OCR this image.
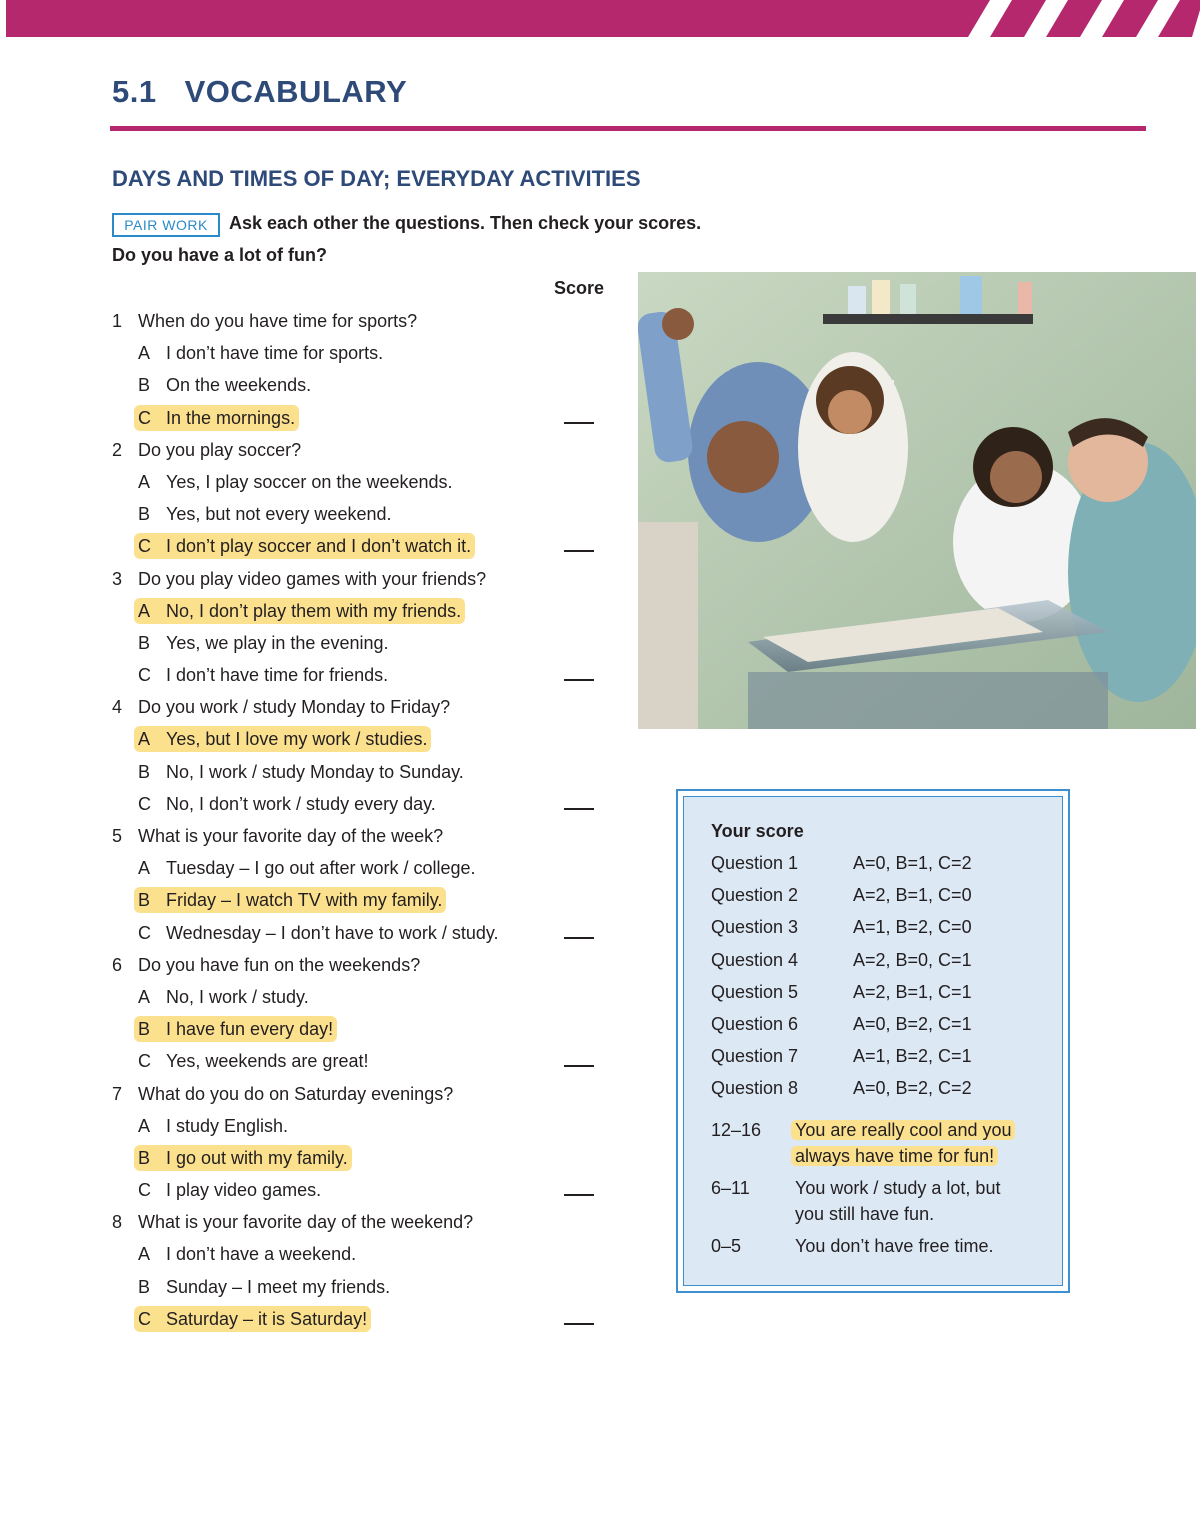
5.1 VOCABULARY
DAYS AND TIMES OF DAY; EVERYDAY ACTIVITIES
PAIR WORK	Ask each other the questions. Then check your scores.
Do you have a lot of fun?
Score
1 When do you have time for sports?
A I don’t have time for sports.
B On the weekends.
C In the mornings.
2 Do you play soccer?
A Yes, I play soccer on the weekends.
B Yes, but not every weekend.
C I don’t play soccer and I don’t watch it.
3 Do you play video games with your friends?
A No, I don’t play them with my friends.
B Yes, we play in the evening.
C I don’t have time for friends.
4 Do you work / study Monday to Friday?
A Yes, but I love my work / studies.
B No, I work / study Monday to Sunday.
C No, I don’t work / study every day.
5 What is your favorite day of the week?
A Tuesday – I go out after work / college.
B Friday – I watch TV with my family.
C Wednesday – I don’t have to work / study.
6 Do you have fun on the weekends?
A No, I work / study.
B I have fun every day!
C Yes, weekends are great!
7 What do you do on Saturday evenings?
A I study English.
B I go out with my family.
C I play video games.
8 What is your favorite day of the weekend?
A I don’t have a weekend.
B Sunday – I meet my friends.
C Saturday – it is Saturday!
Your score
Question 1	A=0, B=1, C=2
Question 2	A=2, B=1, C=0
Question 3	A=1, B=2, C=0
Question 4	A=2, B=0, C=1
Question 5	A=2, B=1, C=1
Question 6	A=0, B=2, C=1
Question 7	A=1, B=2, C=1
Question 8	A=0, B=2, C=2
12–16 You are really cool and you
always have time for fun!
6–11	You work / study a lot, but
you still have fun.
0–5	You don’t have free time.
